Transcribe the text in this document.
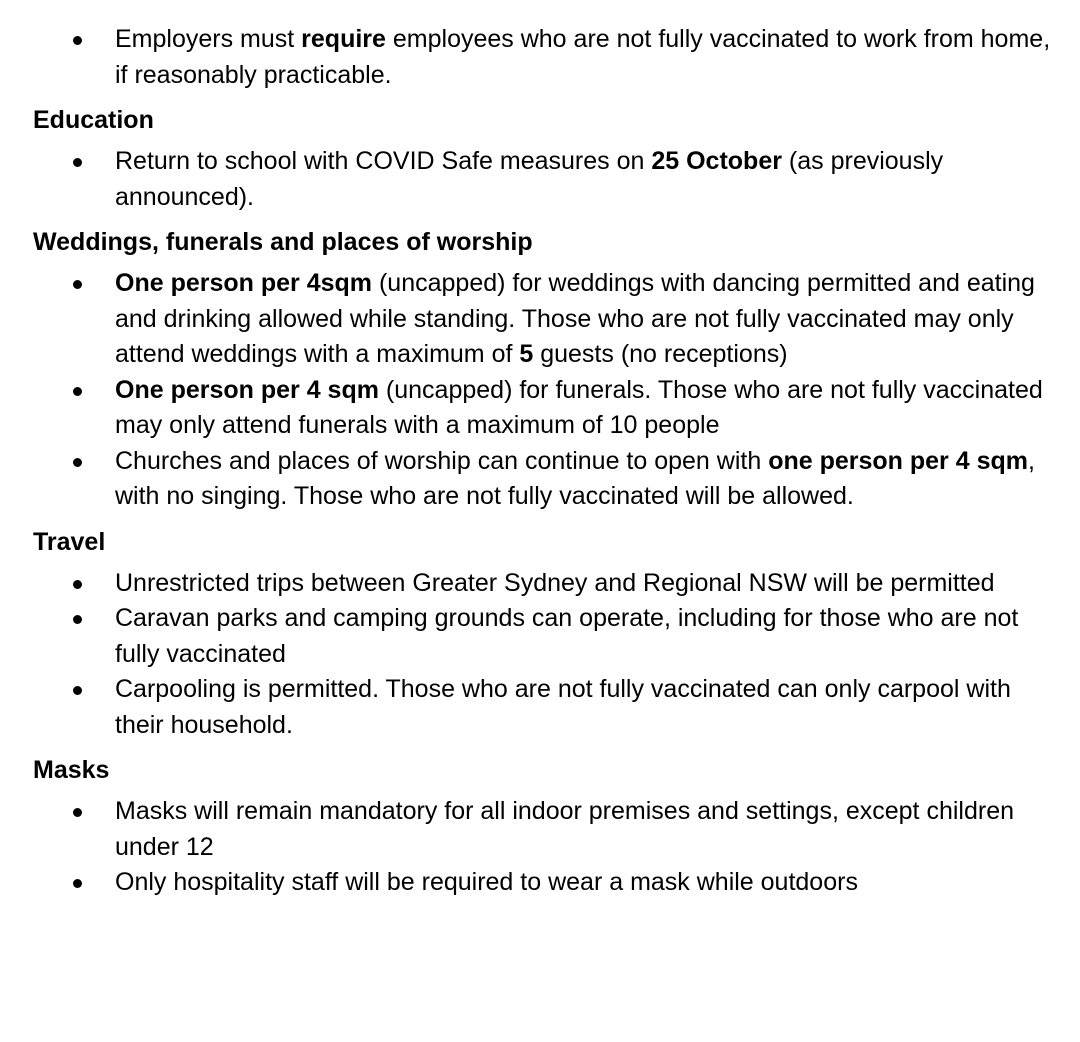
Employers must require employees who are not fully vaccinated to work from home, if reasonably practicable.
Education
Return to school with COVID Safe measures on 25 October (as previously announced).
Weddings, funerals and places of worship
One person per 4sqm (uncapped) for weddings with dancing permitted and eating and drinking allowed while standing. Those who are not fully vaccinated may only attend weddings with a maximum of 5 guests (no receptions)
One person per 4 sqm (uncapped) for funerals. Those who are not fully vaccinated may only attend funerals with a maximum of 10 people
Churches and places of worship can continue to open with one person per 4 sqm, with no singing. Those who are not fully vaccinated will be allowed.
Travel
Unrestricted trips between Greater Sydney and Regional NSW will be permitted
Caravan parks and camping grounds can operate, including for those who are not fully vaccinated
Carpooling is permitted. Those who are not fully vaccinated can only carpool with their household.
Masks
Masks will remain mandatory for all indoor premises and settings, except children under 12
Only hospitality staff will be required to wear a mask while outdoors
